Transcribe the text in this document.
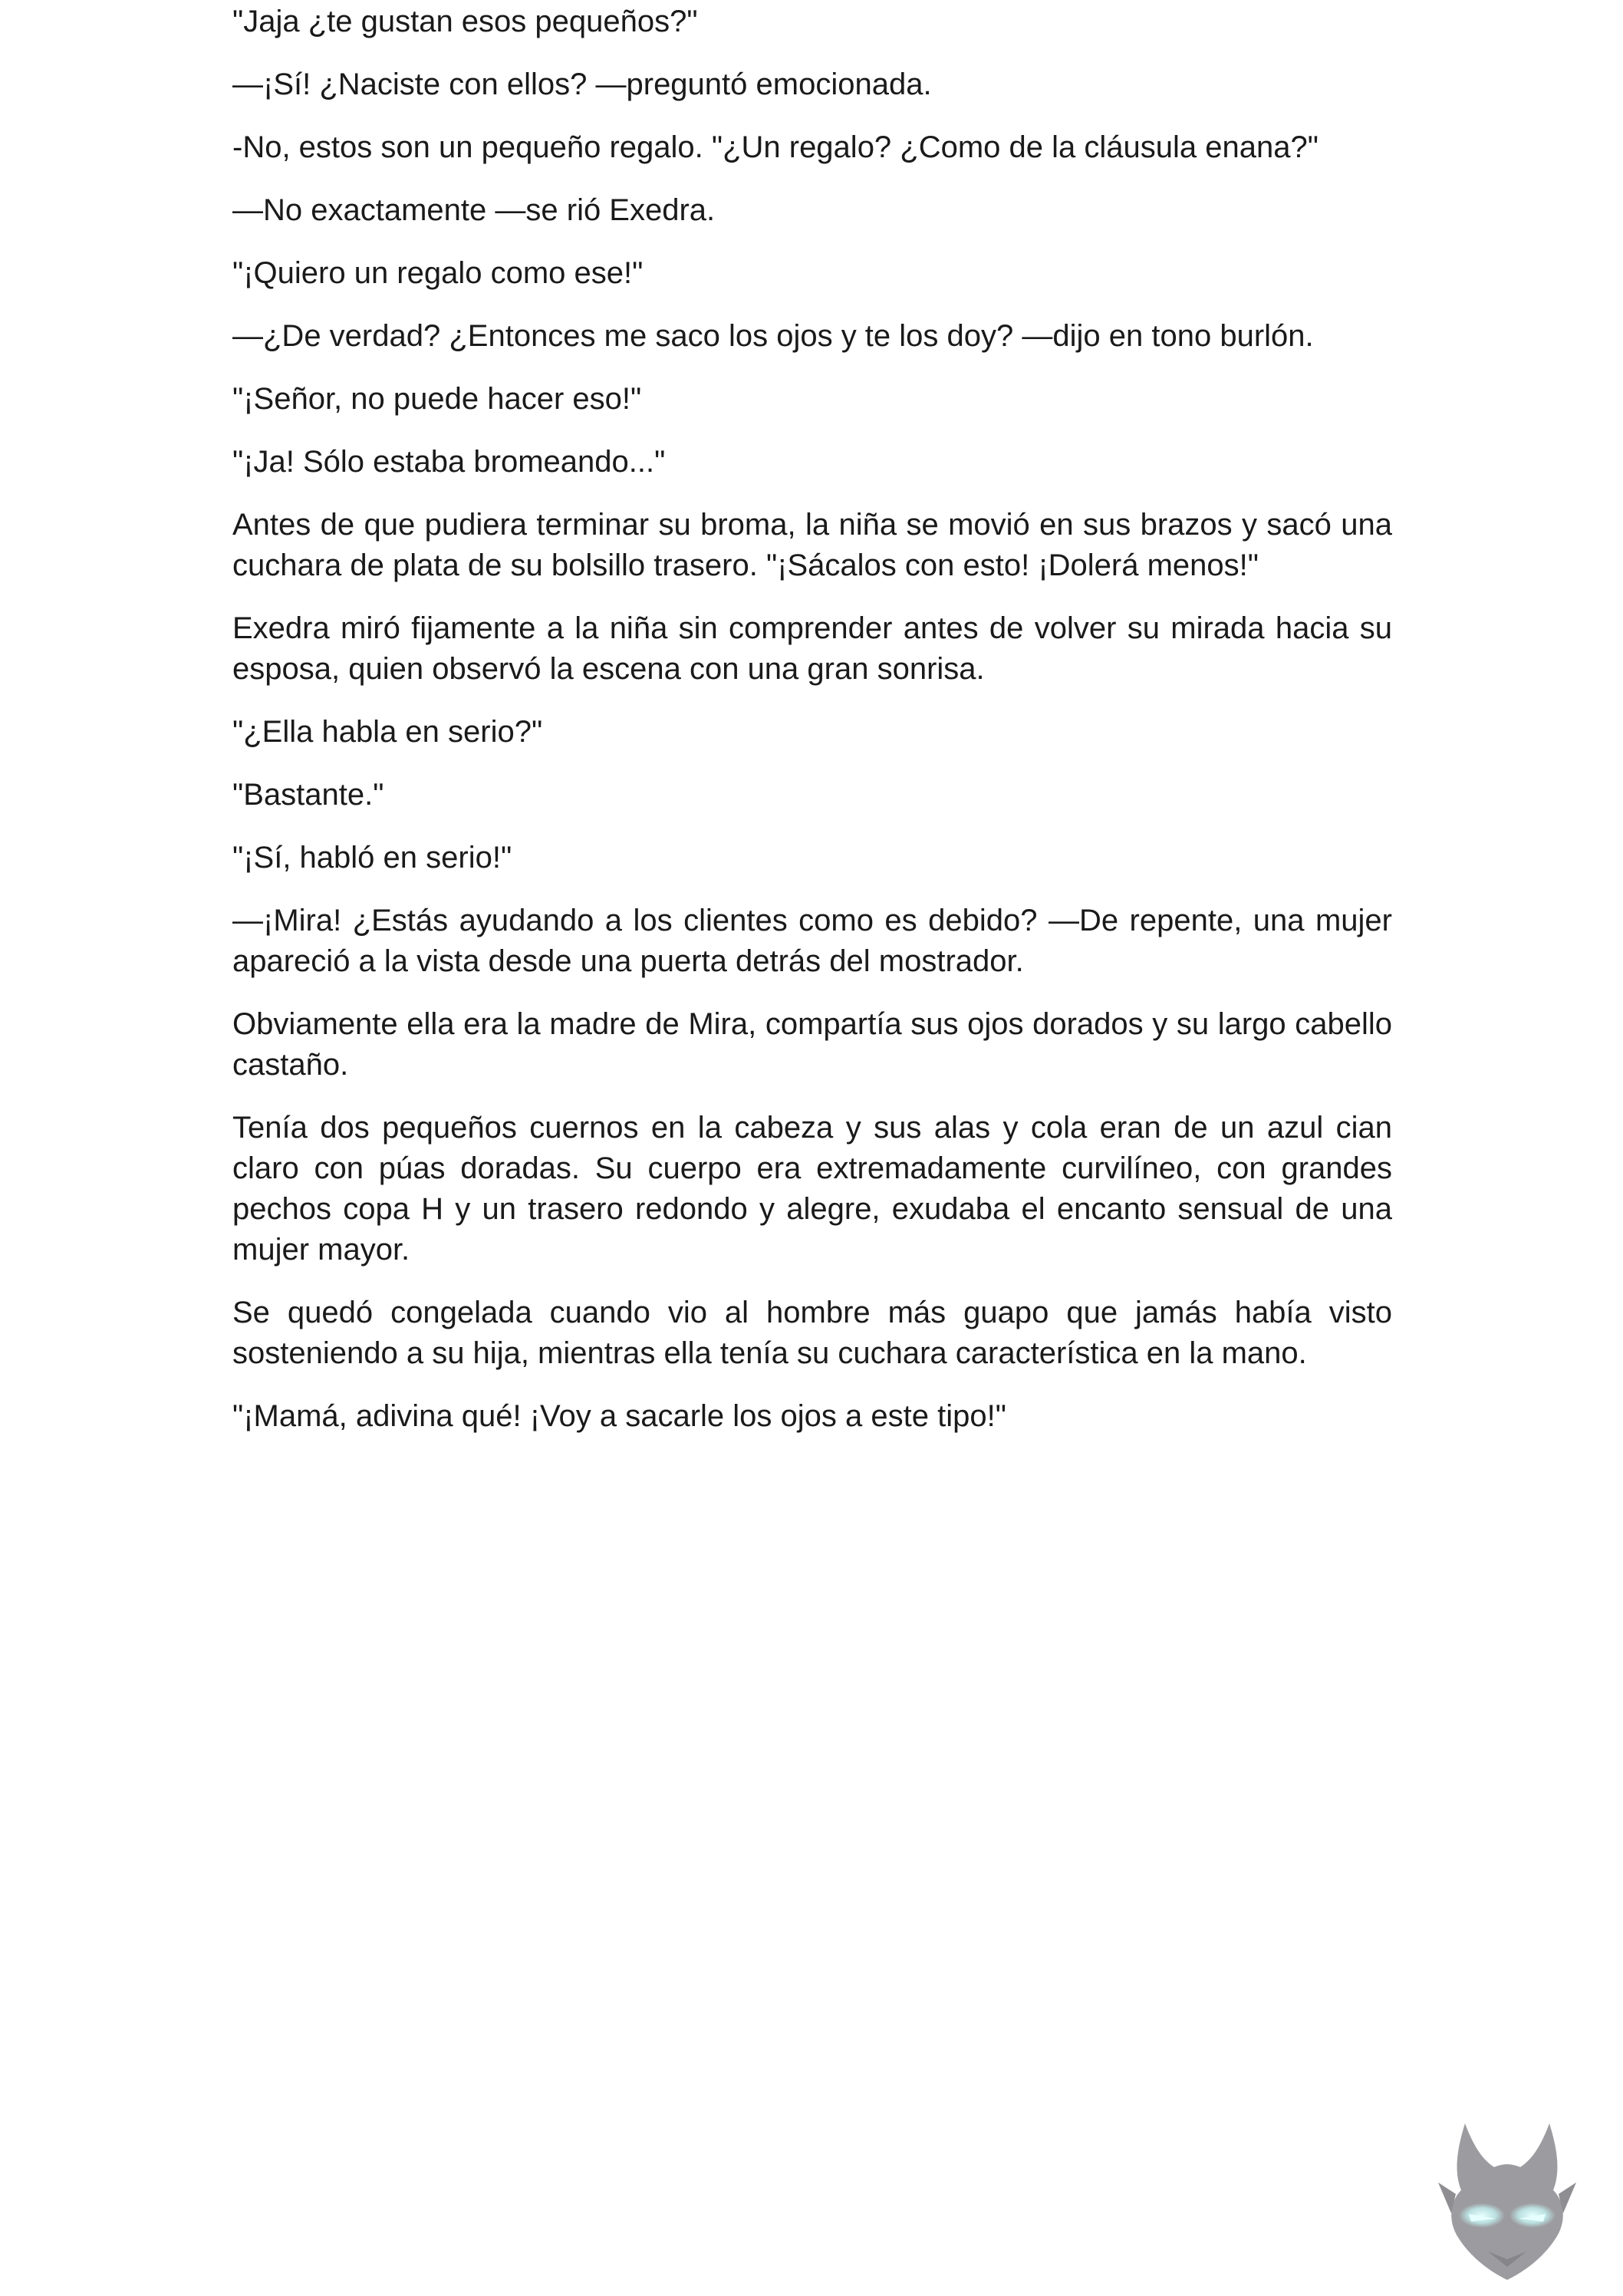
"Jaja ¿te gustan esos pequeños?"

—¡Sí! ¿Naciste con ellos? —preguntó emocionada.

-No, estos son un pequeño regalo. "¿Un regalo? ¿Como de la cláusula enana?"

—No exactamente —se rió Exedra.

"¡Quiero un regalo como ese!"

—¿De verdad? ¿Entonces me saco los ojos y te los doy? —dijo en tono burlón.

"¡Señor, no puede hacer eso!"

"¡Ja! Sólo estaba bromeando..."

Antes de que pudiera terminar su broma, la niña se movió en sus brazos y sacó una cuchara de plata de su bolsillo trasero. "¡Sácalos con esto! ¡Dolerá menos!"

Exedra miró fijamente a la niña sin comprender antes de volver su mirada hacia su esposa, quien observó la escena con una gran sonrisa.

"¿Ella habla en serio?"

"Bastante."

"¡Sí, habló en serio!"

—¡Mira! ¿Estás ayudando a los clientes como es debido? —De repente, una mujer apareció a la vista desde una puerta detrás del mostrador.

Obviamente ella era la madre de Mira, compartía sus ojos dorados y su largo cabello castaño.

Tenía dos pequeños cuernos en la cabeza y sus alas y cola eran de un azul cian claro con púas doradas. Su cuerpo era extremadamente curvilíneo, con grandes pechos copa H y un trasero redondo y alegre, exudaba el encanto sensual de una mujer mayor.

Se quedó congelada cuando vio al hombre más guapo que jamás había visto sosteniendo a su hija, mientras ella tenía su cuchara característica en la mano.

"¡Mamá, adivina qué! ¡Voy a sacarle los ojos a este tipo!"
